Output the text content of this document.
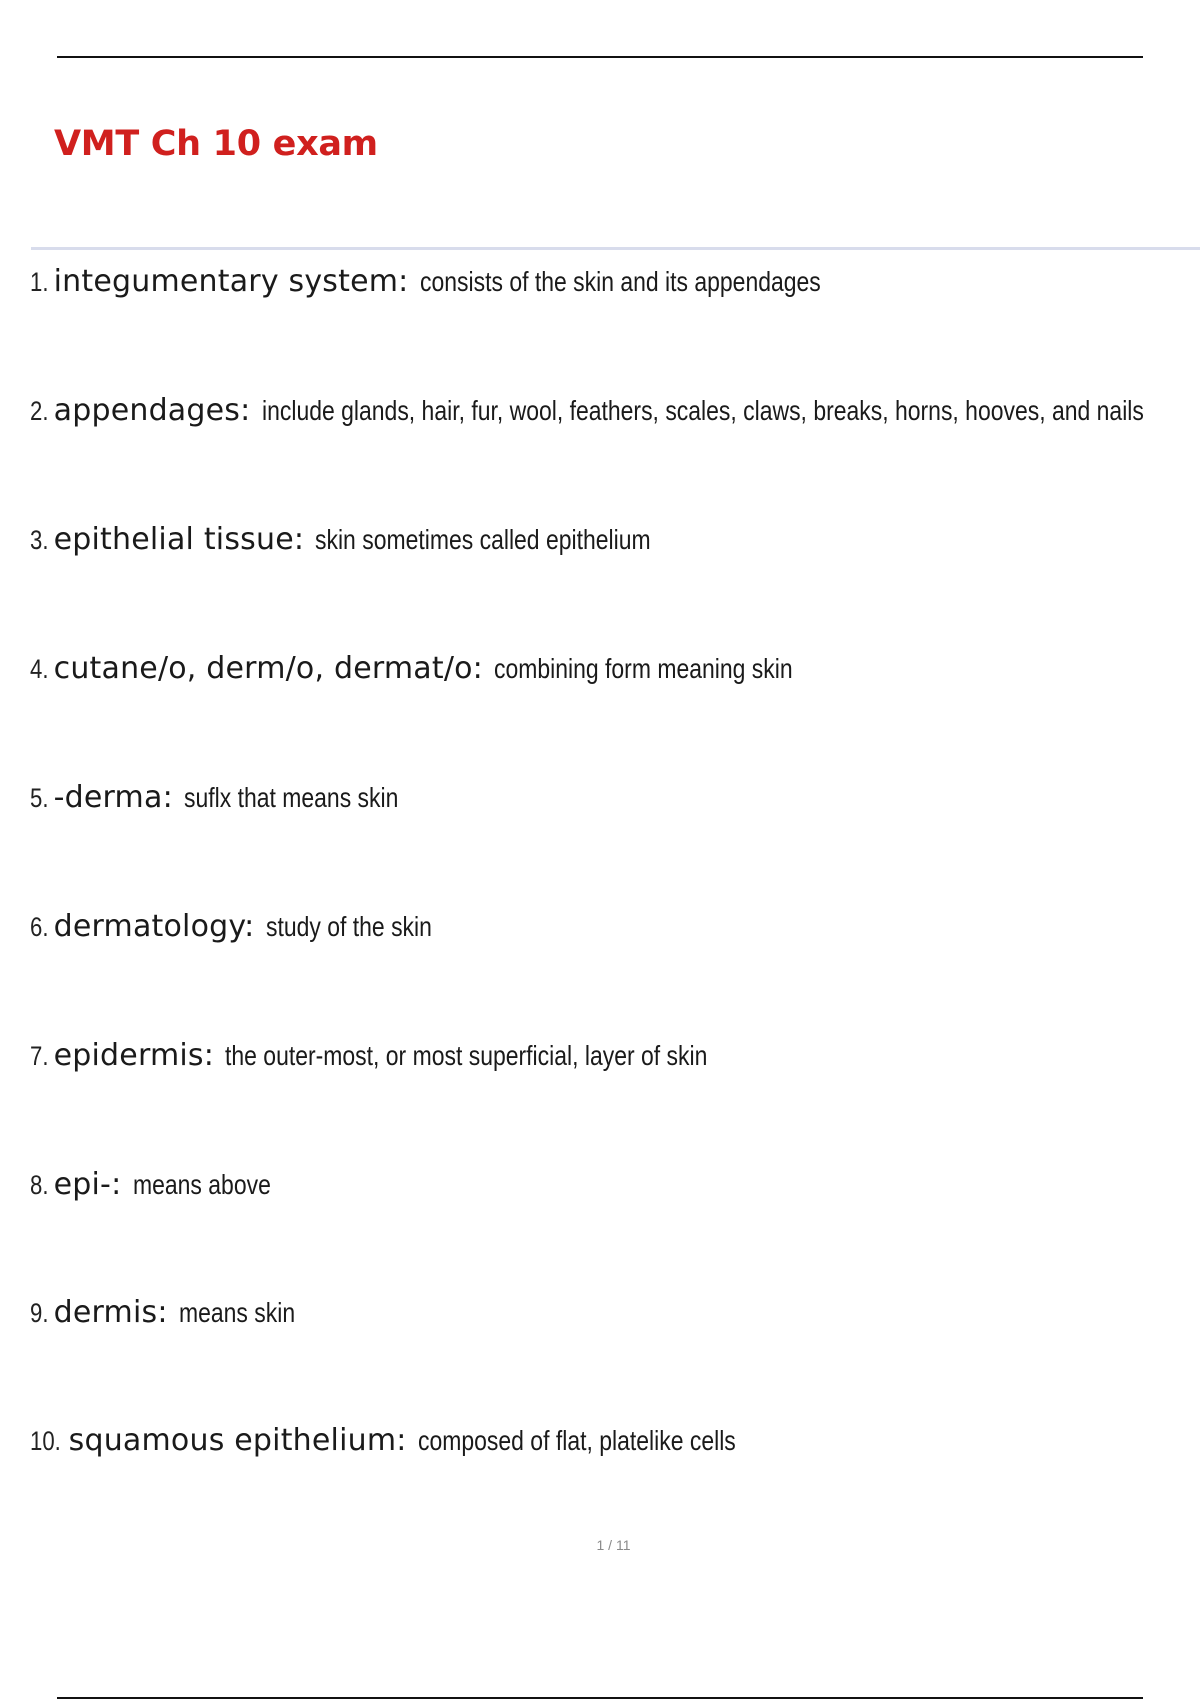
VMT Ch 10 exam
1. integumentary system: consists of the skin and its appendages
2. appendages: include glands, hair, fur, wool, feathers, scales, claws, breaks, horns, hooves, and nails
3. epithelial tissue: skin sometimes called epithelium
4. cutane/o, derm/o, dermat/o: combining form meaning skin
5. -derma: suflx that means skin
6. dermatology: study of the skin
7. epidermis: the outer-most, or most superficial, layer of skin
8. epi-: means above
9. dermis: means skin
10. squamous epithelium: composed of flat, platelike cells

1 / 11
